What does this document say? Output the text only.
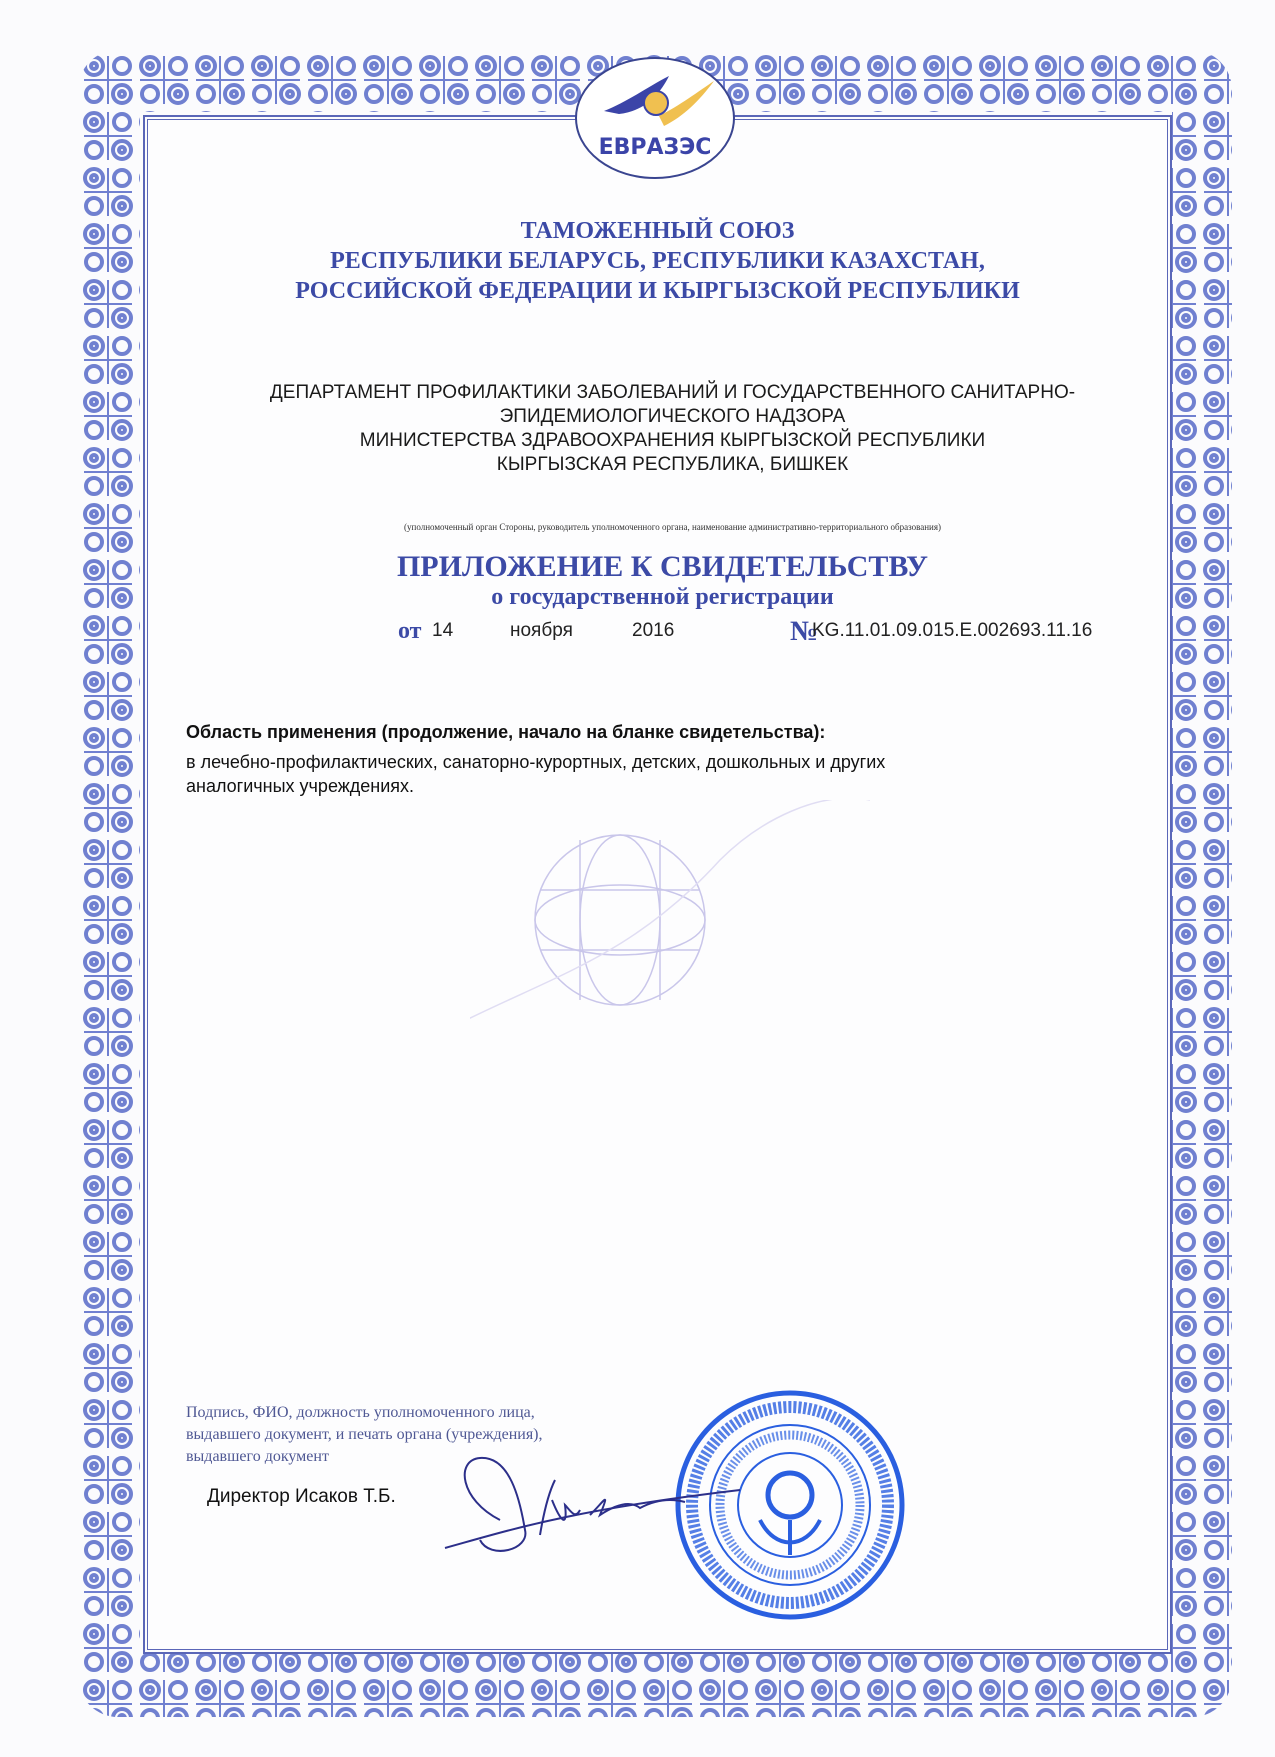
ЕВРАЗЭС
ТАМОЖЕННЫЙ СОЮЗ
РЕСПУБЛИКИ БЕЛАРУСЬ, РЕСПУБЛИКИ КАЗАХСТАН,
РОССИЙСКОЙ ФЕДЕРАЦИИ И КЫРГЫЗСКОЙ РЕСПУБЛИКИ
ДЕПАРТАМЕНТ ПРОФИЛАКТИКИ ЗАБОЛЕВАНИЙ И ГОСУДАРСТВЕННОГО САНИТАРНО-
ЭПИДЕМИОЛОГИЧЕСКОГО НАДЗОРА
МИНИСТЕРСТВА ЗДРАВООХРАНЕНИЯ КЫРГЫЗСКОЙ РЕСПУБЛИКИ
КЫРГЫЗСКАЯ РЕСПУБЛИКА, БИШКЕК
(уполномоченный орган Стороны, руководитель уполномоченного органа, наименование административно-территориального образования)
ПРИЛОЖЕНИЕ К СВИДЕТЕЛЬСТВУ
о государственной регистрации
от 14	ноября	2016	№
KG.11.01.09.015.E.002693.11.16
Область применения (продолжение, начало на бланке свидетельства):
в лечебно-профилактических, санаторно-курортных, детских, дошкольных и других
аналогичных учреждениях.
Подпись, ФИО, должность уполномоченного лица,
выдавшего документ, и печать органа (учреждения),
выдавшего документ
Директор Исаков Т.Б.
